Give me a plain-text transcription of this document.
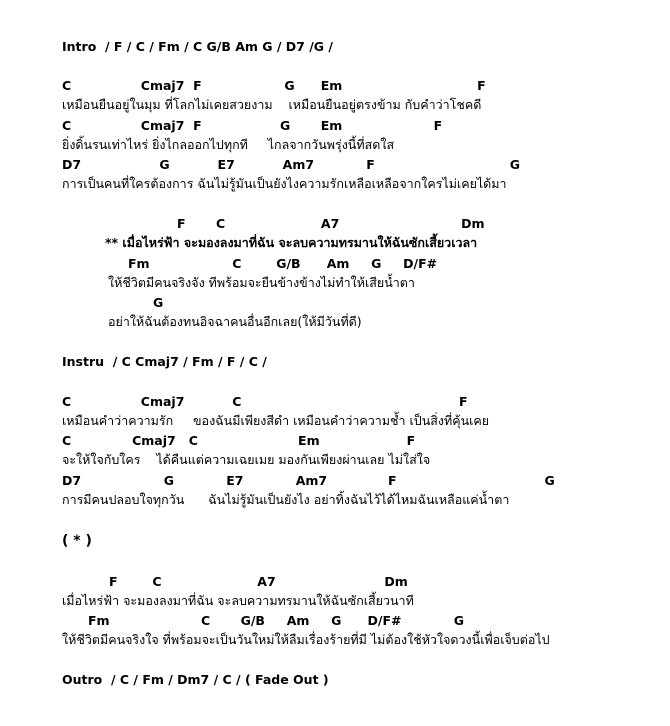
Intro  / F / C / Fm / C G/B Am G / D7 /G /
C                Cmaj7  F                   G      Em                               F
เหมือนยืนอยู่ในมุม ที่โลกไม่เคยสวยงาม    เหมือนยืนอยู่ตรงข้าม กับคำว่าโชคดี
C                Cmaj7  F                  G       Em                     F
ยิ่งดิ้นรนเท่าไหร่ ยิ่งไกลออกไปทุกที     ไกลจากวันพรุ่งนี้ที่สดใส
D7                  G           E7           Am7            F                               G
การเป็นคนที่ใครต้องการ ฉันไม่รู้มันเป็นยังไงความรักเหลือเหลือจากใครไม่เคยได้มา
F       C                      A7                            Dm
** เมื่อไหร่ฟ้า จะมองลงมาที่ฉัน จะลบความทรมานให้ฉันซักเสี้ยวเวลา
Fm                   C        G/B      Am     G     D/F#
ให้ชีวิตมีคนจริงจัง ทีพร้อมจะยืนข้างข้างไม่ทำให้เสียน้ำตา
G
อย่าให้ฉันต้องทนอิจฉาคนอื่นอีกเลย(ให้มีวันที่ดี)
Instru  / C Cmaj7 / Fm / F / C /
C                Cmaj7           C                                                  F
เหมือนคำว่าความรัก     ของฉันมีเพียงสีดำ เหมือนคำว่าความช้ำ เป็นสิ่งที่คุ้นเคย
C              Cmaj7   C                       Em                    F
จะให้ใจกับใคร    ได้คืนแต่ความเฉยเมย มองกันเพียงผ่านเลย ไม่ใส่ใจ
D7                   G            E7            Am7              F                                  G
การมีคนปลอบใจทุกวัน      ฉันไม่รู้มันเป็นยังไง อย่าทิ้งฉันไว้ได้ไหมฉันเหลือแค่น้ำตา
( * )
F        C                      A7                         Dm
เมื่อไหร่ฟ้า จะมองลงมาที่ฉัน จะลบความทรมานให้ฉันซักเสี้ยวนาที
Fm                     C       G/B     Am     G      D/F#            G
ให้ชีวิตมีคนจริงใจ ที่พร้อมจะเป็นวันใหม่ให้ลืมเรื่องร้ายที่มี ไม่ต้องใช้หัวใจดวงนี้เพื่อเจ็บต่อไป
Outro  / C / Fm / Dm7 / C / ( Fade Out )
